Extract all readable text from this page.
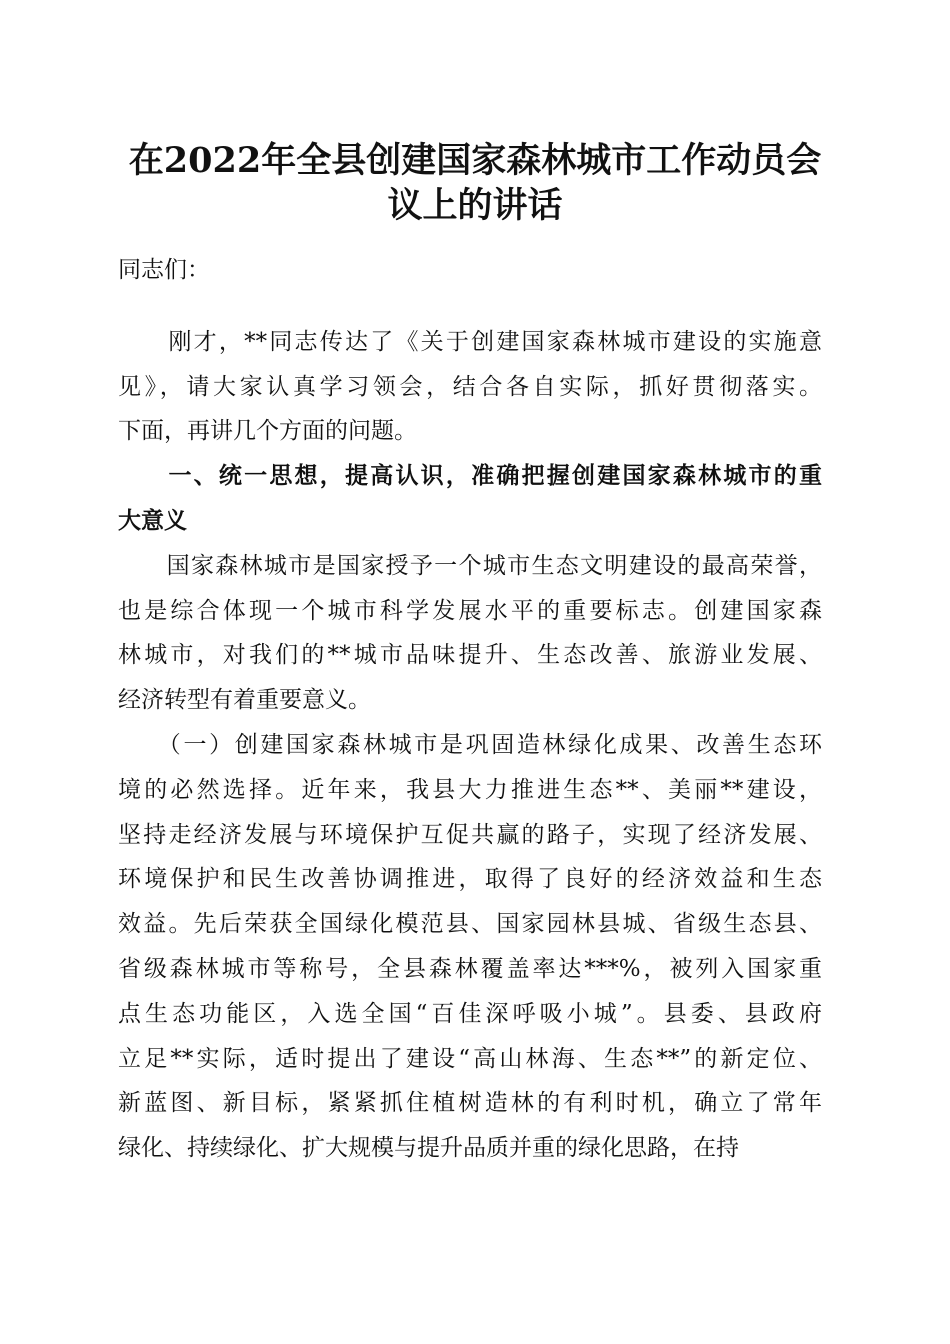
在2022年全县创建国家森林城市工作动员会
议上的讲话
同志们：
　　刚才，**同志传达了《关于创建国家森林城市建设的实施意
见》，请大家认真学习领会，结合各自实际，抓好贯彻落实。
下面，再讲几个方面的问题。
　　一、统一思想，提高认识，准确把握创建国家森林城市的重
大意义
　　国家森林城市是国家授予一个城市生态文明建设的最高荣誉，
也是综合体现一个城市科学发展水平的重要标志。创建国家森
林城市，对我们的**城市品味提升、生态改善、旅游业发展、
经济转型有着重要意义。
　　（一）创建国家森林城市是巩固造林绿化成果、改善生态环
境的必然选择。近年来，我县大力推进生态**、美丽**建设，
坚持走经济发展与环境保护互促共赢的路子，实现了经济发展、
环境保护和民生改善协调推进，取得了良好的经济效益和生态
效益。先后荣获全国绿化模范县、国家园林县城、省级生态县、
省级森林城市等称号，全县森林覆盖率达***%，被列入国家重
点生态功能区，入选全国“百佳深呼吸小城”。县委、县政府
立足**实际，适时提出了建设“高山林海、生态**”的新定位、
新蓝图、新目标，紧紧抓住植树造林的有利时机，确立了常年
绿化、持续绿化、扩大规模与提升品质并重的绿化思路，在持
